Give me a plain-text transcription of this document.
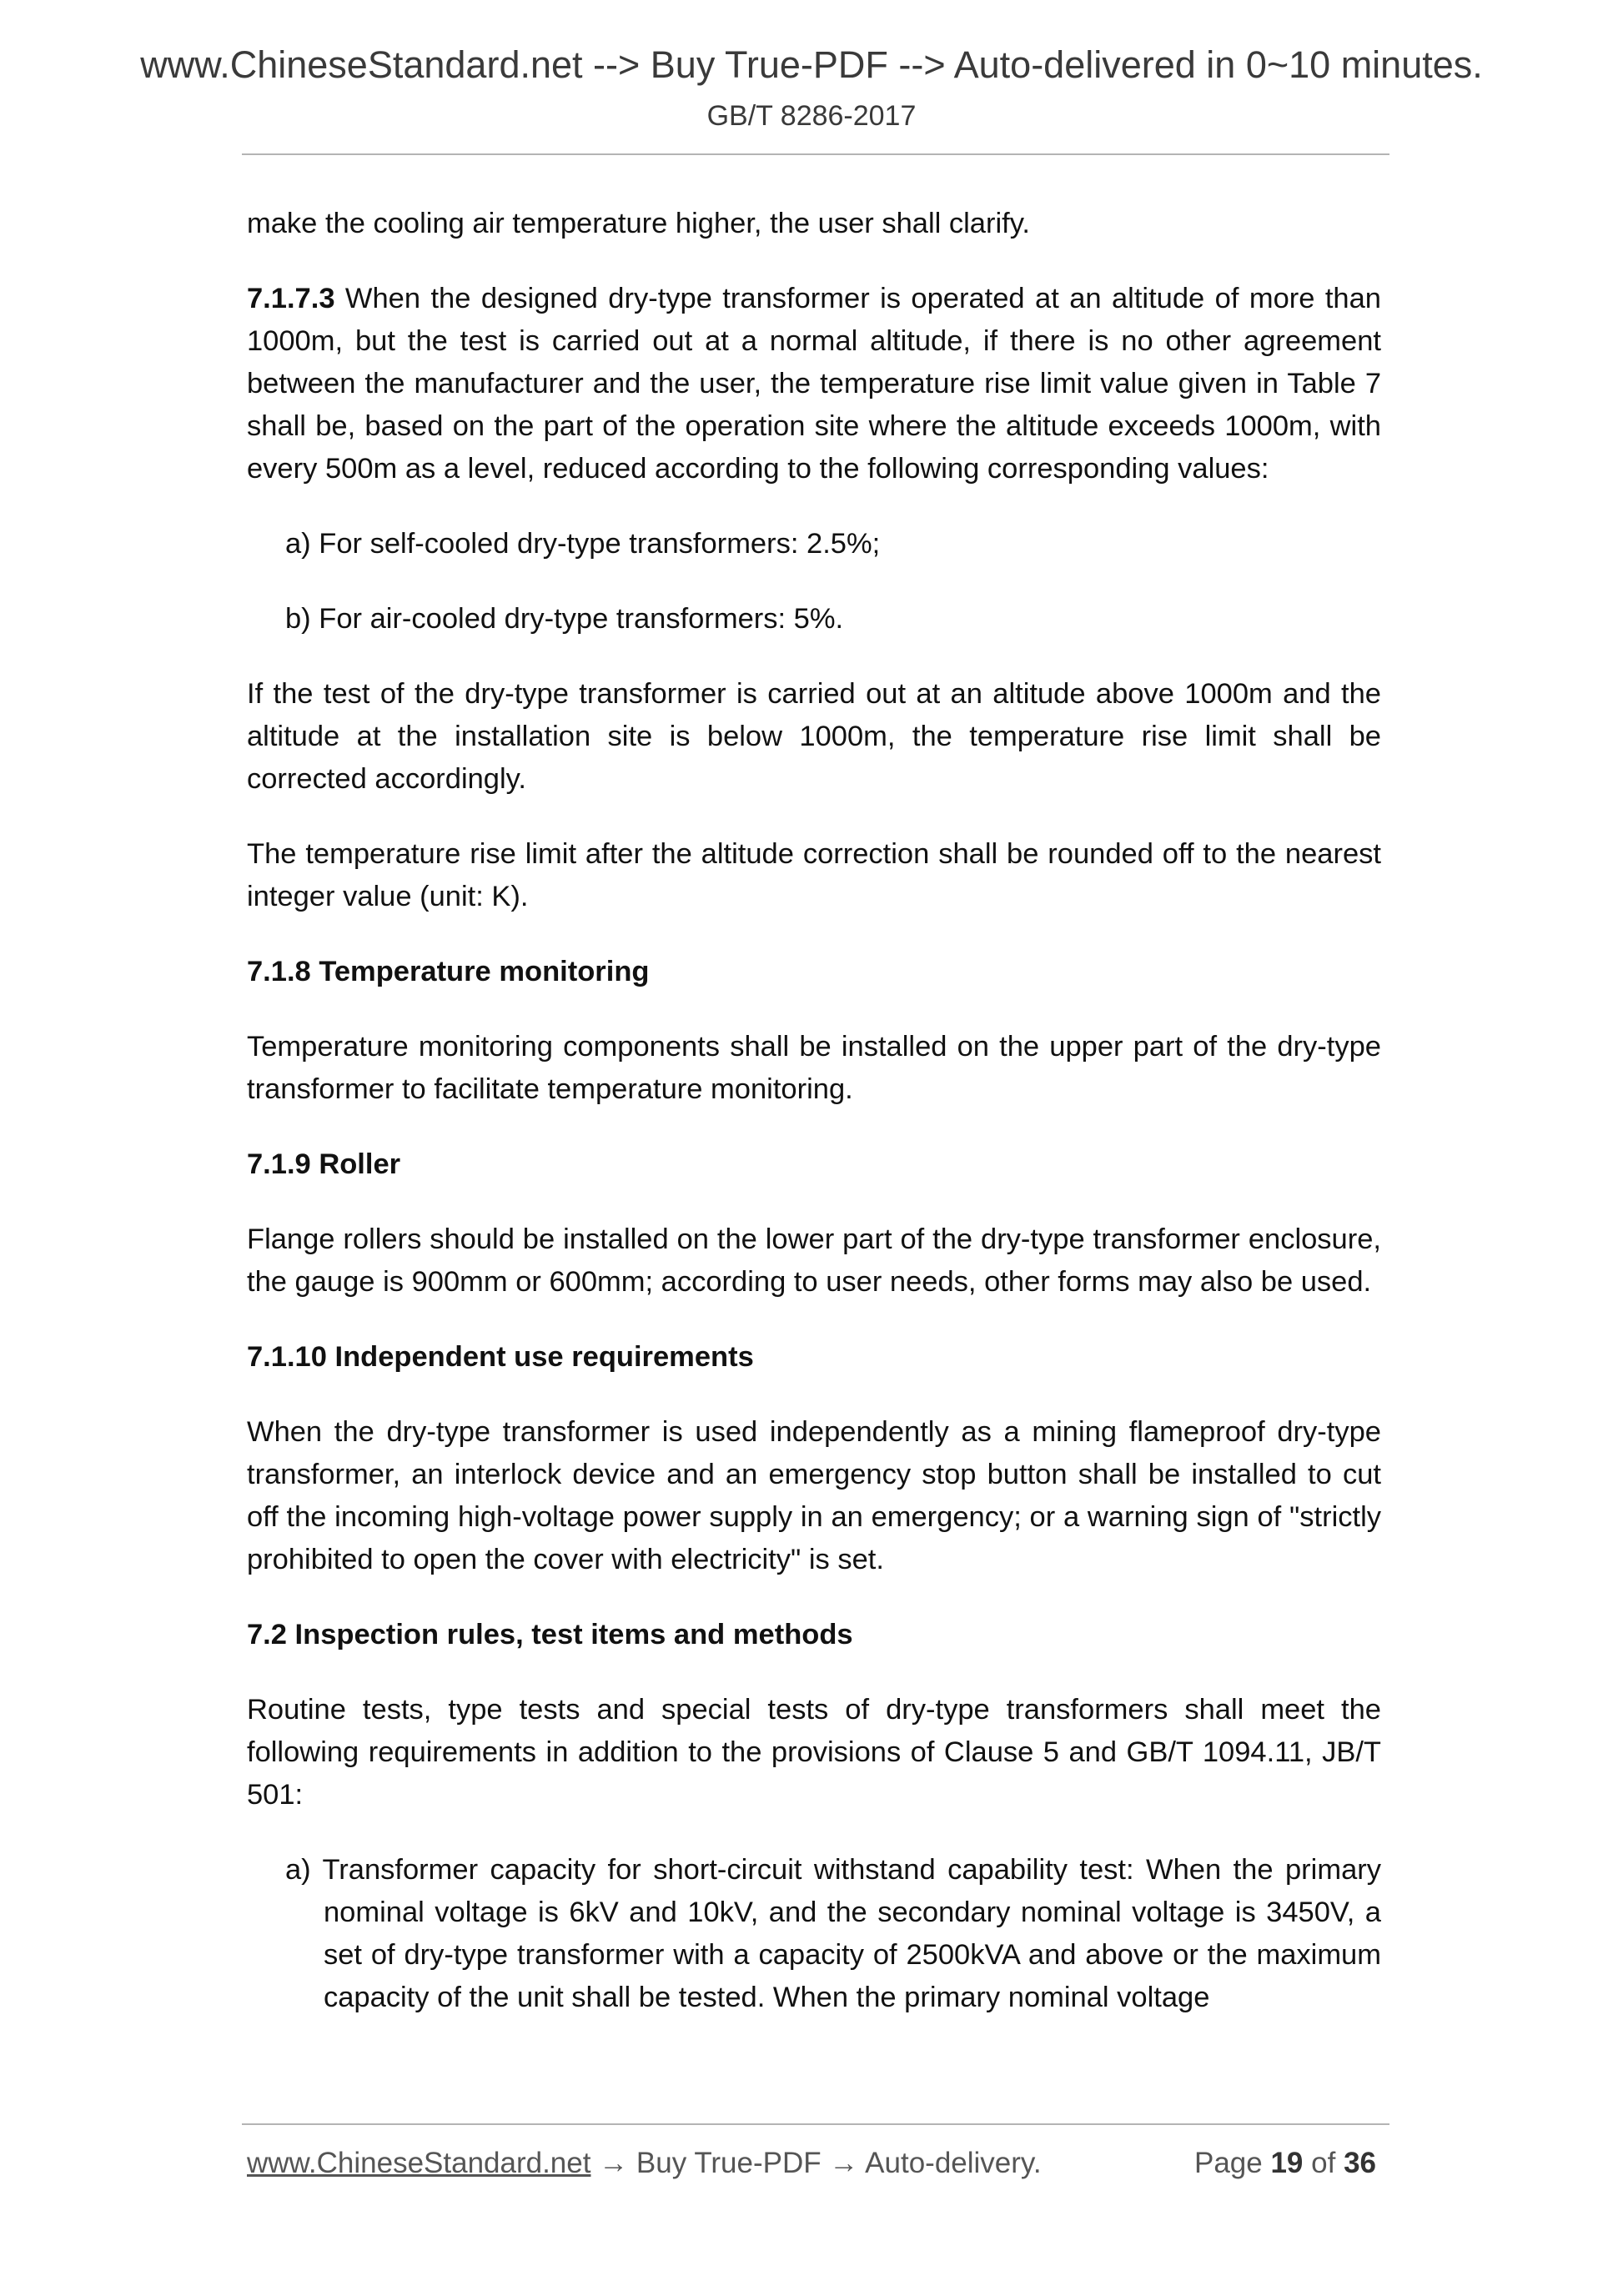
www.ChineseStandard.net --> Buy True-PDF --> Auto-delivered in 0~10 minutes.
GB/T 8286-2017

make the cooling air temperature higher, the user shall clarify.

7.1.7.3 When the designed dry-type transformer is operated at an altitude of more than 1000m, but the test is carried out at a normal altitude, if there is no other agreement between the manufacturer and the user, the temperature rise limit value given in Table 7 shall be, based on the part of the operation site where the altitude exceeds 1000m, with every 500m as a level, reduced according to the following corresponding values:

a) For self-cooled dry-type transformers: 2.5%;

b) For air-cooled dry-type transformers: 5%.

If the test of the dry-type transformer is carried out at an altitude above 1000m and the altitude at the installation site is below 1000m, the temperature rise limit shall be corrected accordingly.

The temperature rise limit after the altitude correction shall be rounded off to the nearest integer value (unit: K).

7.1.8 Temperature monitoring

Temperature monitoring components shall be installed on the upper part of the dry-type transformer to facilitate temperature monitoring.

7.1.9 Roller

Flange rollers should be installed on the lower part of the dry-type transformer enclosure, the gauge is 900mm or 600mm; according to user needs, other forms may also be used.

7.1.10 Independent use requirements

When the dry-type transformer is used independently as a mining flameproof dry-type transformer, an interlock device and an emergency stop button shall be installed to cut off the incoming high-voltage power supply in an emergency; or a warning sign of "strictly prohibited to open the cover with electricity" is set.

7.2 Inspection rules, test items and methods

Routine tests, type tests and special tests of dry-type transformers shall meet the following requirements in addition to the provisions of Clause 5 and GB/T 1094.11, JB/T 501:

a) Transformer capacity for short-circuit withstand capability test: When the primary nominal voltage is 6kV and 10kV, and the secondary nominal voltage is 3450V, a set of dry-type transformer with a capacity of 2500kVA and above or the maximum capacity of the unit shall be tested. When the primary nominal voltage

www.ChineseStandard.net → Buy True-PDF → Auto-delivery.	Page 19 of 36
